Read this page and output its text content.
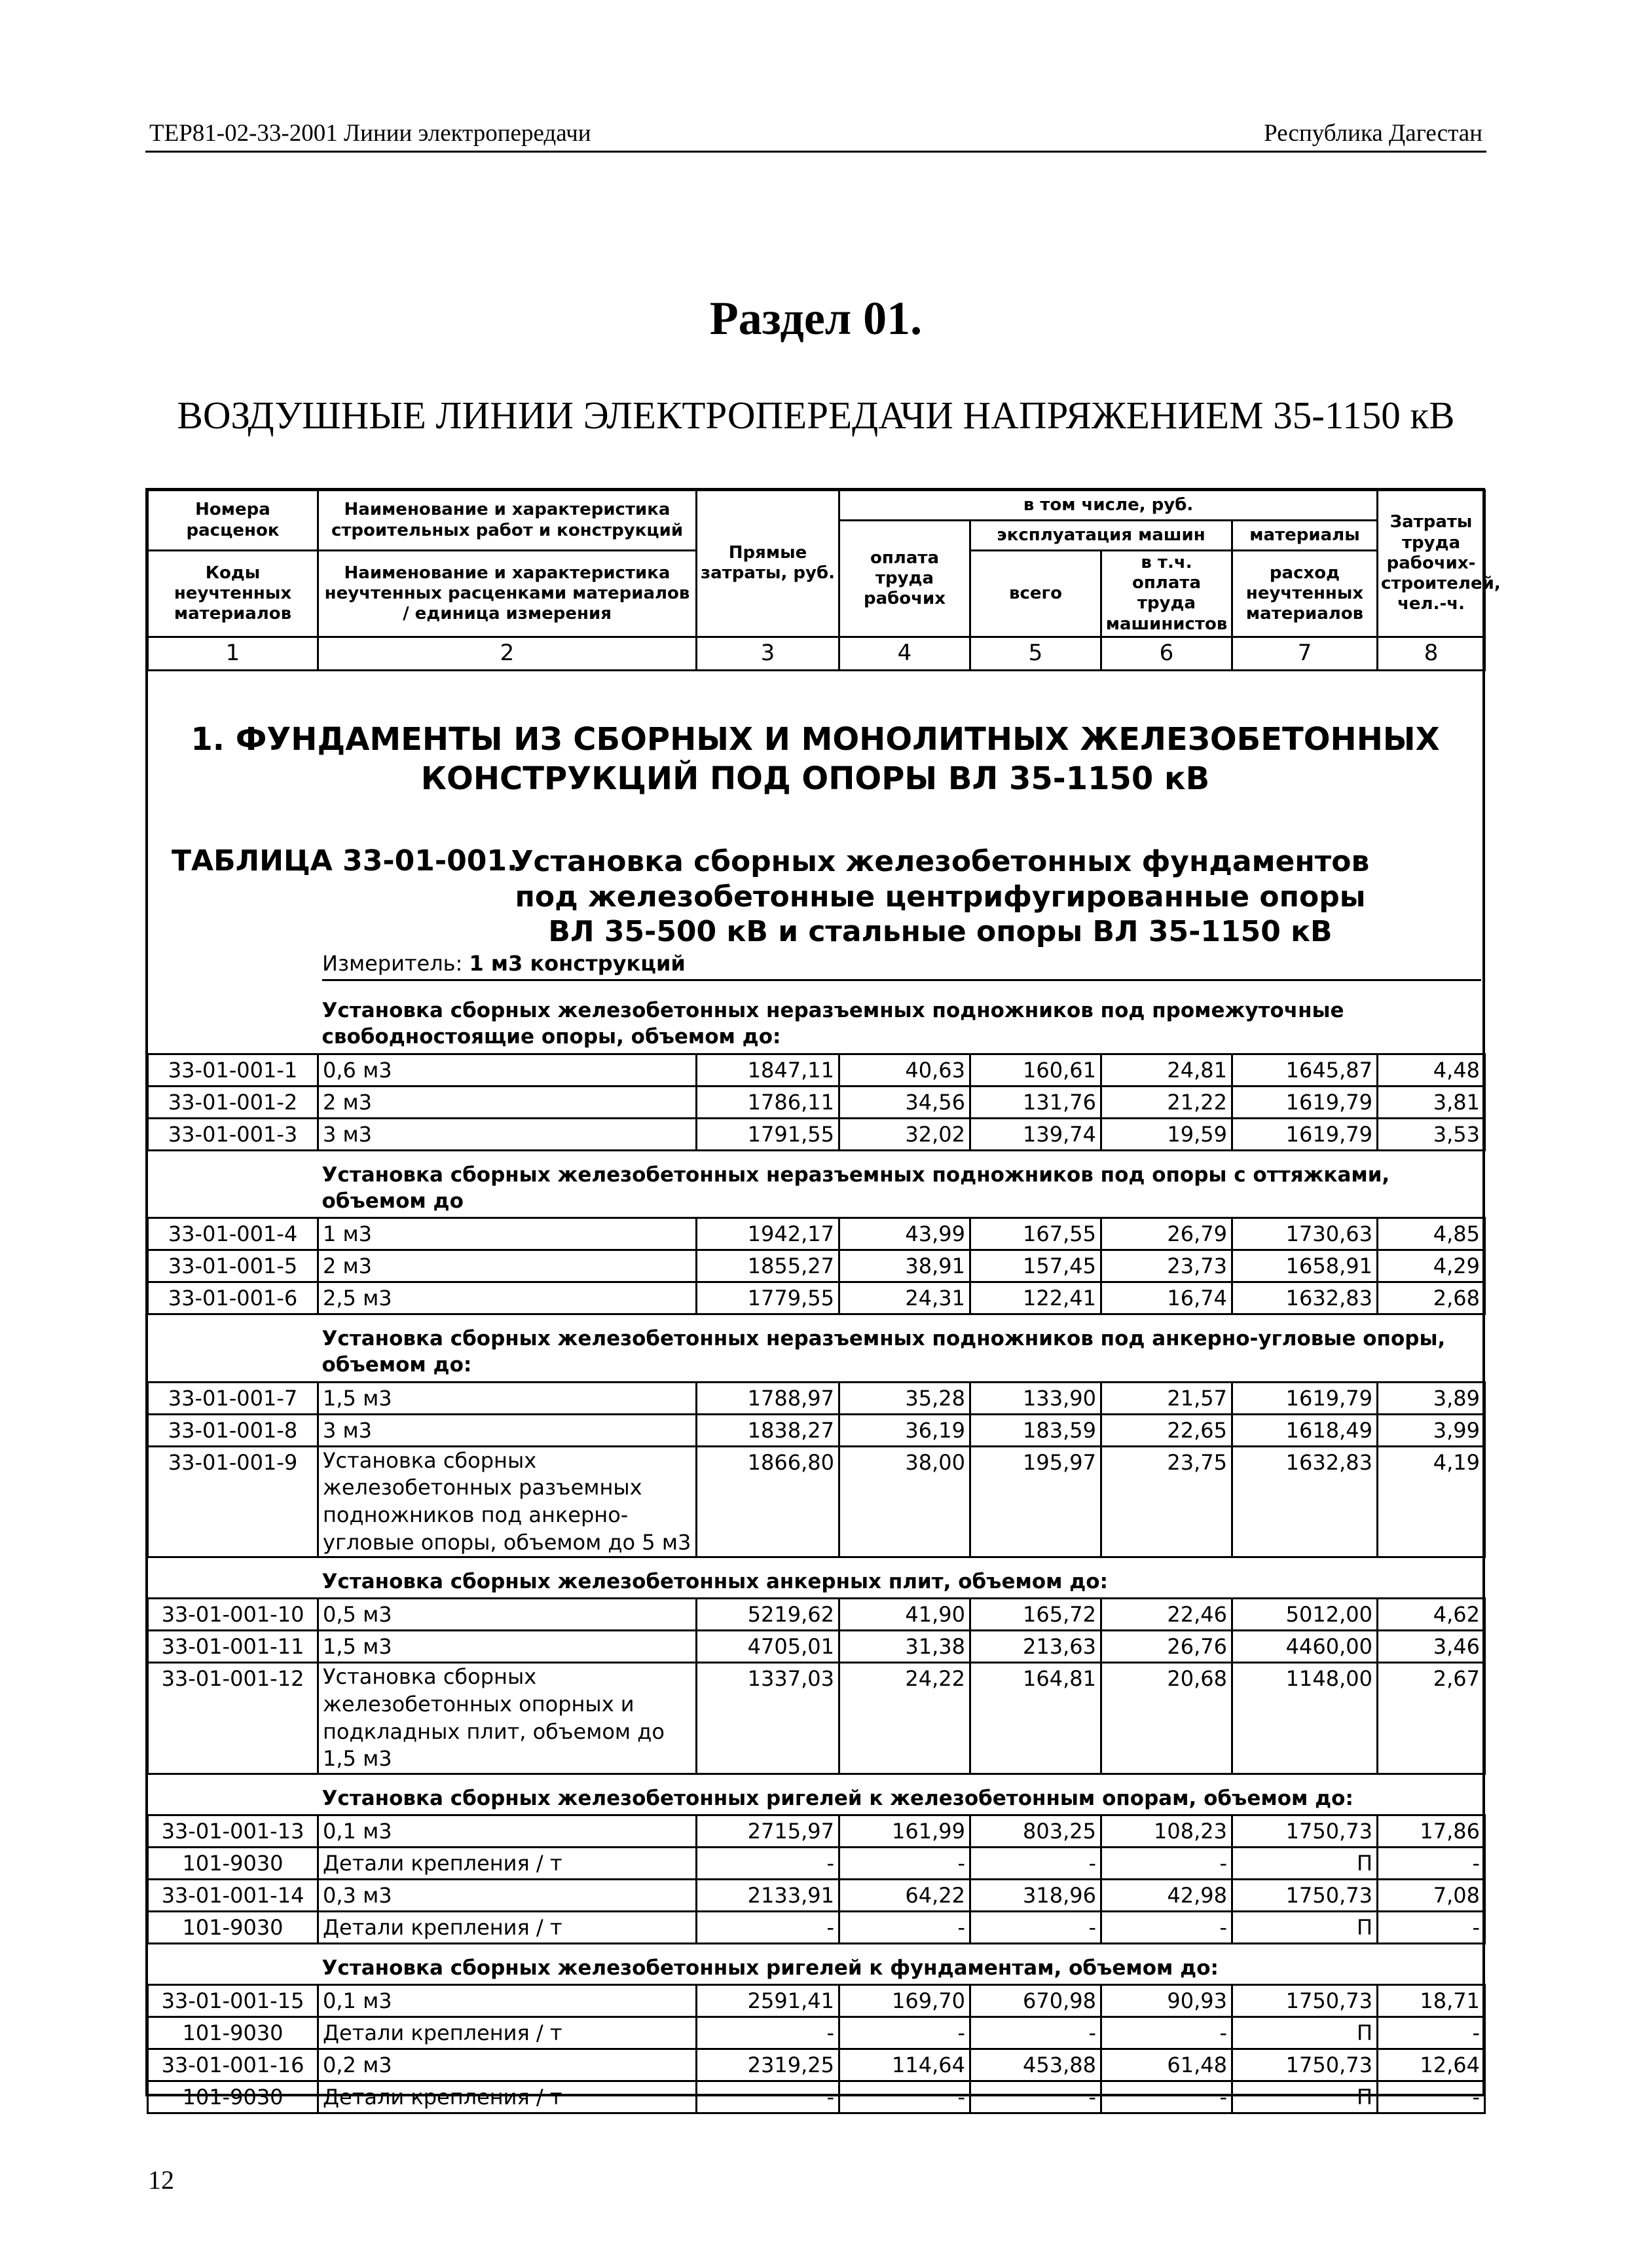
ТЕР81-02-33-2001 Линии электропередачи	Республика Дагестан
Раздел 01.
ВОЗДУШНЫЕ ЛИНИИ ЭЛЕКТРОПЕРЕДАЧИ НАПРЯЖЕНИЕМ 35-1150 кВ
Номера расценок	Наименование и характеристика строительных работ и конструкций	Прямые затраты, руб.	в том числе, руб.				Затраты труда рабочих-строителей, чел.-ч.
			оплата труда рабочих	эксплуатация машин		материалы	
Коды неучтенных материалов	Наименование и характеристика неучтенных расценками материалов / единица измерения			всего	в т.ч. оплата труда машинистов	расход неучтенных материалов	

1	2	3	4	5	6	7	8
1. ФУНДАМЕНТЫ ИЗ СБОРНЫХ И МОНОЛИТНЫХ ЖЕЛЕЗОБЕТОННЫХ КОНСТРУКЦИЙ ПОД ОПОРЫ ВЛ 35-1150 кВ
ТАБЛИЦА 33-01-001.
Установка сборных железобетонных фундаментов под железобетонные центрифугированные опоры ВЛ 35-500 кВ и стальные опоры ВЛ 35-1150 кВ
Измеритель: 1 м3 конструкций
Установка сборных железобетонных неразъемных подножников под промежуточные свободностоящие опоры, объемом до:							
33-01-001-1	0,6 м3	1847,11	40,63	160,61	24,81	1645,87	4,48
33-01-001-2	2 м3	1786,11	34,56	131,76	21,22	1619,79	3,81
33-01-001-3	3 м3	1791,55	32,02	139,74	19,59	1619,79	3,53
Установка сборных железобетонных неразъемных подножников под опоры с оттяжками, объемом до							
33-01-001-4	1 м3	1942,17	43,99	167,55	26,79	1730,63	4,85
33-01-001-5	2 м3	1855,27	38,91	157,45	23,73	1658,91	4,29
33-01-001-6	2,5 м3	1779,55	24,31	122,41	16,74	1632,83	2,68
Установка сборных железобетонных неразъемных подножников под анкерно-угловые опоры, объемом до:							
33-01-001-7	1,5 м3	1788,97	35,28	133,90	21,57	1619,79	3,89
33-01-001-8	3 м3	1838,27	36,19	183,59	22,65	1618,49	3,99
33-01-001-9	Установка сборных железобетонных разъемных подножников под анкерно-угловые опоры, объемом до 5 м3	1866,80	38,00	195,97	23,75	1632,83	4,19
Установка сборных железобетонных анкерных плит, объемом до:							
33-01-001-10	0,5 м3	5219,62	41,90	165,72	22,46	5012,00	4,62
33-01-001-11	1,5 м3	4705,01	31,38	213,63	26,76	4460,00	3,46
33-01-001-12	Установка сборных железобетонных опорных и подкладных плит, объемом до 1,5 м3	1337,03	24,22	164,81	20,68	1148,00	2,67
Установка сборных железобетонных ригелей к железобетонным опорам, объемом до:							
33-01-001-13	0,1 м3	2715,97	161,99	803,25	108,23	1750,73	17,86
101-9030	Детали крепления / т	-	-	-	-	П	-
33-01-001-14	0,3 м3	2133,91	64,22	318,96	42,98	1750,73	7,08
101-9030	Детали крепления / т	-	-	-	-	П	-
Установка сборных железобетонных ригелей к фундаментам, объемом до:							
33-01-001-15	0,1 м3	2591,41	169,70	670,98	90,93	1750,73	18,71
101-9030	Детали крепления / т	-	-	-	-	П	-
33-01-001-16	0,2 м3	2319,25	114,64	453,88	61,48	1750,73	12,64
101-9030	Детали крепления / т	-	-	-	-	П	-
12
